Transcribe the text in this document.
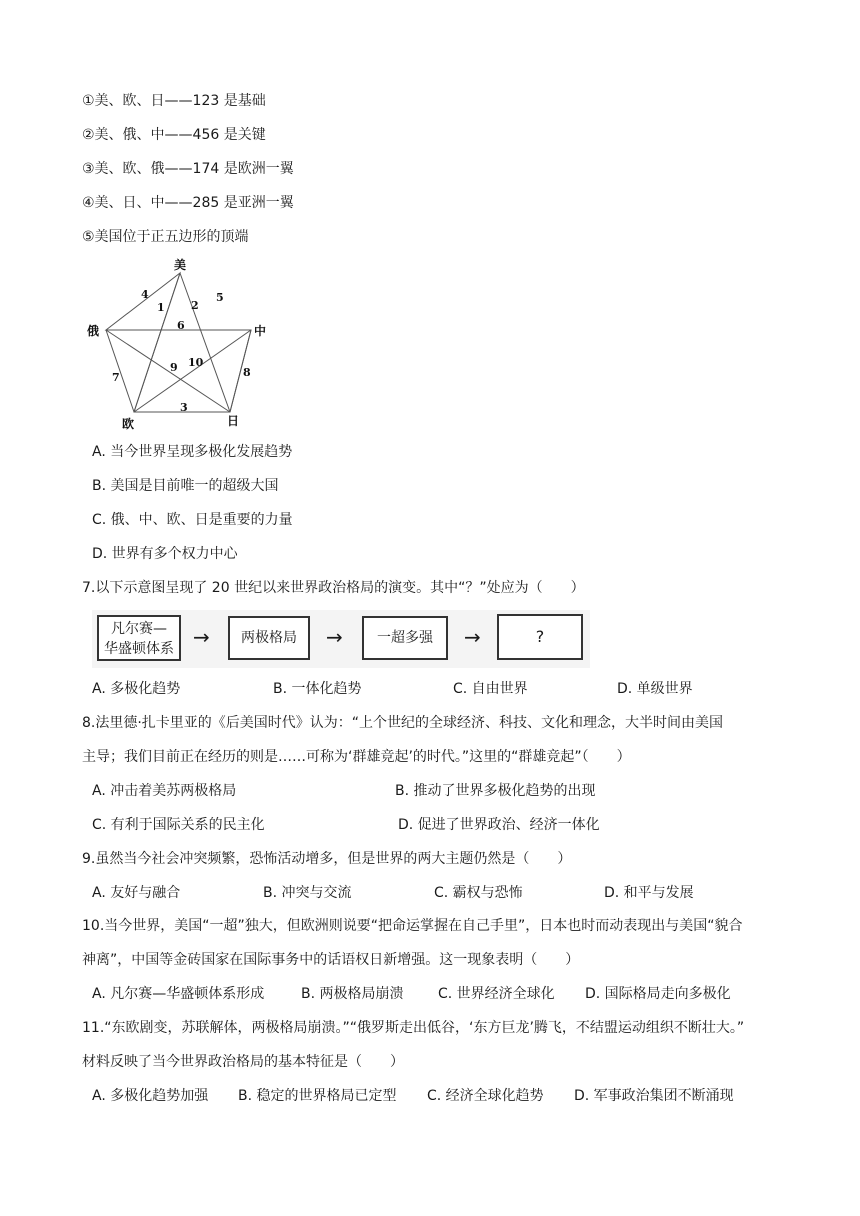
①美、欧、日——123 是基础
②美、俄、中——456 是关键
③美、欧、俄——174 是欧洲一翼
④美、日、中——285 是亚洲一翼
⑤美国位于正五边形的顶端
美
俄	中
欧	日
1 2
3
4	5
6
7	8
9 10
A. 当今世界呈现多极化发展趋势
B. 美国是目前唯一的超级大国
C. 俄、中、欧、日是重要的力量
D. 世界有多个权力中心
7.以下示意图呈现了 20 世纪以来世界政治格局的演变。其中“？”处应为（　　）
凡尔赛—
华盛顿体系 →	两极格局	→	一超多强	→	?
A. 多极化趋势	B. 一体化趋势	C. 自由世界	D. 单级世界
8.法里德·扎卡里亚的《后美国时代》认为：“上个世纪的全球经济、科技、文化和理念，大半时间由美国
主导；我们目前正在经历的则是……可称为‘群雄竞起’的时代。”这里的“群雄竞起”（　　）
A. 冲击着美苏两极格局	B. 推动了世界多极化趋势的出现
C. 有利于国际关系的民主化	D. 促进了世界政治、经济一体化
9.虽然当今社会冲突频繁，恐怖活动增多，但是世界的两大主题仍然是（　　）
A. 友好与融合	B. 冲突与交流	C. 霸权与恐怖	D. 和平与发展
10.当今世界，美国“一超”独大，但欧洲则说要“把命运掌握在自己手里”，日本也时而动表现出与美国“貌合
神离”，中国等金砖国家在国际事务中的话语权日新增强。这一现象表明（　　）
A. 凡尔赛—华盛顿体系形成	B. 两极格局崩溃 C. 世界经济全球化 D. 国际格局走向多极化
11.“东欧剧变，苏联解体，两极格局崩溃。”“俄罗斯走出低谷，‘东方巨龙’腾飞，不结盟运动组织不断壮大。”
材料反映了当今世界政治格局的基本特征是（　　）
A. 多极化趋势加强 B. 稳定的世界格局已定型 C. 经济全球化趋势 D. 军事政治集团不断涌现
